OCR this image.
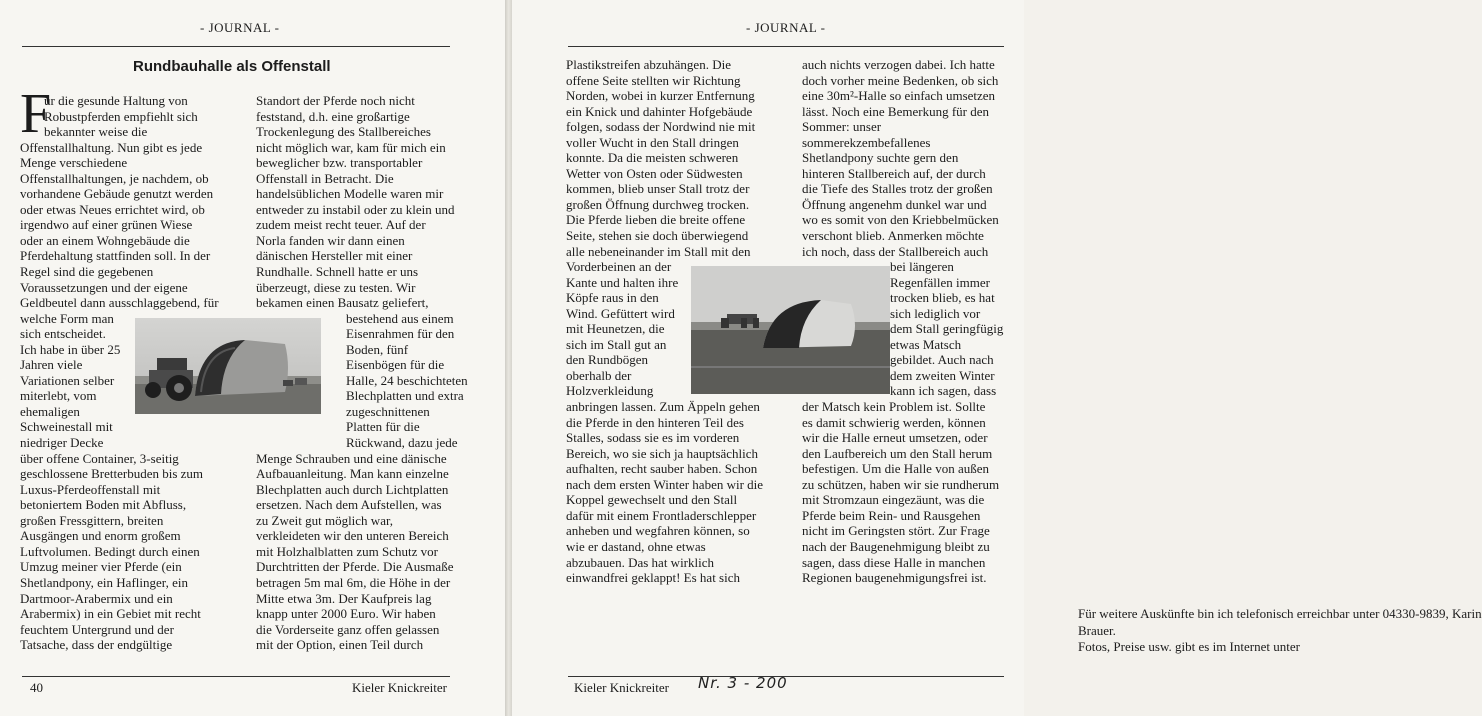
- JOURNAL -
Rundbauhalle als Offenstall
F
ür die gesunde Haltung von
Robustpferden empfiehlt sich
bekannter weise die
Offenstallhaltung. Nun gibt es jede
Menge verschiedene
Offenstallhaltungen, je nachdem, ob
vorhandene Gebäude genutzt werden
oder etwas Neues errichtet wird, ob
irgendwo auf einer grünen Wiese
oder an einem Wohngebäude die
Pferdehaltung stattfinden soll. In der
Regel sind die gegebenen
Voraussetzungen und der eigene
Geldbeutel dann ausschlaggebend, für
welche Form man
sich entscheidet.
Ich habe in über 25
Jahren viele
Variationen selber
miterlebt, vom
ehemaligen
Schweinestall mit
niedriger Decke
über offene Container, 3-seitig
geschlossene Bretterbuden bis zum
Luxus-Pferdeoffenstall mit
betoniertem Boden mit Abfluss,
großen Fressgittern, breiten
Ausgängen und enorm großem
Luftvolumen. Bedingt durch einen
Umzug meiner vier Pferde (ein
Shetlandpony, ein Haflinger, ein
Dartmoor-Arabermix und ein
Arabermix) in ein Gebiet mit recht
feuchtem Untergrund und der
Tatsache, dass der endgültige
Standort der Pferde noch nicht
feststand, d.h. eine großartige
Trockenlegung des Stallbereiches
nicht möglich war, kam für mich ein
beweglicher bzw. transportabler
Offenstall in Betracht. Die
handelsüblichen Modelle waren mir
entweder zu instabil oder zu klein und
zudem meist recht teuer. Auf der
Norla fanden wir dann einen
dänischen Hersteller mit einer
Rundhalle. Schnell hatte er uns
überzeugt, diese zu testen. Wir
bekamen einen Bausatz geliefert,
bestehend aus einem
Eisenrahmen für den
Boden, fünf
Eisenbögen für die
Halle, 24 beschichteten
Blechplatten und extra
zugeschnittenen
Platten für die
Rückwand, dazu jede
Menge Schrauben und eine dänische
Aufbauanleitung. Man kann einzelne
Blechplatten auch durch Lichtplatten
ersetzen. Nach dem Aufstellen, was
zu Zweit gut möglich war,
verkleideten wir den unteren Bereich
mit Holzhalblatten zum Schutz vor
Durchtritten der Pferde. Die Ausmaße
betragen 5m mal 6m, die Höhe in der
Mitte etwa 3m. Der Kaufpreis lag
knapp unter 2000 Euro. Wir haben
die Vorderseite ganz offen gelassen
mit der Option, einen Teil durch
40	Kieler Knickreiter
- JOURNAL -
Plastikstreifen abzuhängen. Die
offene Seite stellten wir Richtung
Norden, wobei in kurzer Entfernung
ein Knick und dahinter Hofgebäude
folgen, sodass der Nordwind nie mit
voller Wucht in den Stall dringen
konnte. Da die meisten schweren
Wetter von Osten oder Südwesten
kommen, blieb unser Stall trotz der
großen Öffnung durchweg trocken.
Die Pferde lieben die breite offene
Seite, stehen sie doch überwiegend
alle nebeneinander im Stall mit den
Vorderbeinen an der
Kante und halten ihre
Köpfe raus in den
Wind. Gefüttert wird
mit Heunetzen, die
sich im Stall gut an
den Rundbögen
oberhalb der
Holzverkleidung
anbringen lassen. Zum Äppeln gehen
die Pferde in den hinteren Teil des
Stalles, sodass sie es im vorderen
Bereich, wo sie sich ja hauptsächlich
aufhalten, recht sauber haben. Schon
nach dem ersten Winter haben wir die
Koppel gewechselt und den Stall
dafür mit einem Frontladerschlepper
anheben und wegfahren können, so
wie er dastand, ohne etwas
abzubauen. Das hat wirklich
einwandfrei geklappt! Es hat sich
auch nichts verzogen dabei. Ich hatte
doch vorher meine Bedenken, ob sich
eine 30m²-Halle so einfach umsetzen
lässt. Noch eine Bemerkung für den
Sommer: unser
sommerekzembefallenes
Shetlandpony suchte gern den
hinteren Stallbereich auf, der durch
die Tiefe des Stalles trotz der großen
Öffnung angenehm dunkel war und
wo es somit von den Kriebbelmücken
verschont blieb. Anmerken möchte
ich noch, dass der Stallbereich auch
bei längeren
Regenfällen immer
trocken blieb, es hat
sich lediglich vor
dem Stall geringfügig
etwas Matsch
gebildet. Auch nach
dem zweiten Winter
kann ich sagen, dass
der Matsch kein Problem ist. Sollte
es damit schwierig werden, können
wir die Halle erneut umsetzen, oder
den Laufbereich um den Stall herum
befestigen. Um die Halle von außen
zu schützen, haben wir sie rundherum
mit Stromzaun eingezäunt, was die
Pferde beim Rein- und Rausgehen
nicht im Geringsten stört. Zur Frage
nach der Baugenehmigung bleibt zu
sagen, dass diese Halle in manchen
Regionen baugenehmigungsfrei ist.
Für weitere Auskünfte bin ich telefonisch erreichbar unter 04330-9839, Karin
Brauer.
Fotos, Preise usw. gibt es im Internet unter
Kieler Knickreiter Nr. 3 - 200
